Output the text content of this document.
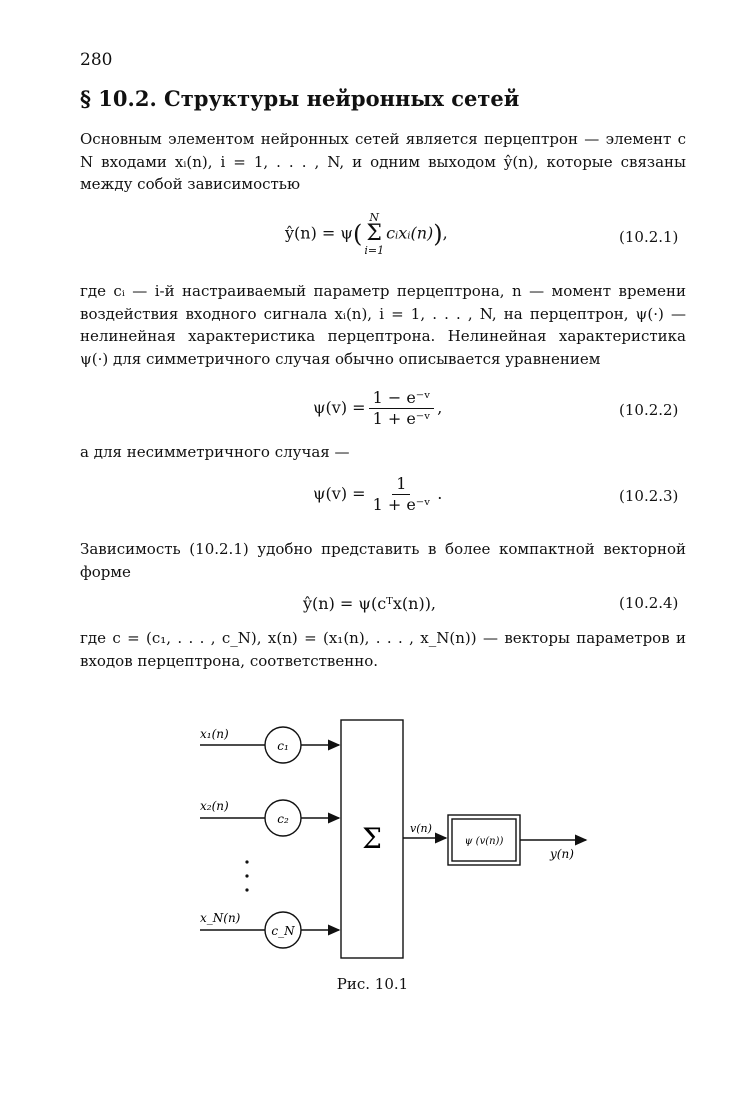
280
§ 10.2. Структуры нейронных сетей
Основным элементом нейронных сетей является перцептрон — элемент с N входами xᵢ(n), i = 1, . . . , N, и одним выходом ŷ(n), которые связаны между собой зависимостью
ŷ(n) = ψ(
N
Σ
i=1
cᵢxᵢ(n)),	(10.2.1)
где cᵢ — i-й настраиваемый параметр перцептрона, n — момент времени воздействия входного сигнала xᵢ(n), i = 1, . . . , N, на перцептрон, ψ(·) — нелинейная характеристика перцептрона. Нелинейная характеристика ψ(·) для симметричного случая обычно описывается уравнением
$\psi(v) = \frac{\text{1 − e⁻ᵛ}}{\text{1 + e⁻ᵛ}}$ ,	(10.2.2)
а для несимметричного случая —
$\psi(v) = \frac{1}{\text{1 + e⁻ᵛ}}$ .	(10.2.3)
Зависимость (10.2.1) удобно представить в более компактной векторной форме
ŷ(n) = ψ(cᵀx(n)),	(10.2.4)
где c = (c₁, . . . , c_N), x(n) = (x₁(n), . . . , x_N(n)) — векторы параметров и входов перцептрона, соответственно.
x₁(n)
x₂(n)
x_N(n)
c₁
c₂
c_N
Σ	v(n)
ψ (v(n))
y(n)
Рис. 10.1
